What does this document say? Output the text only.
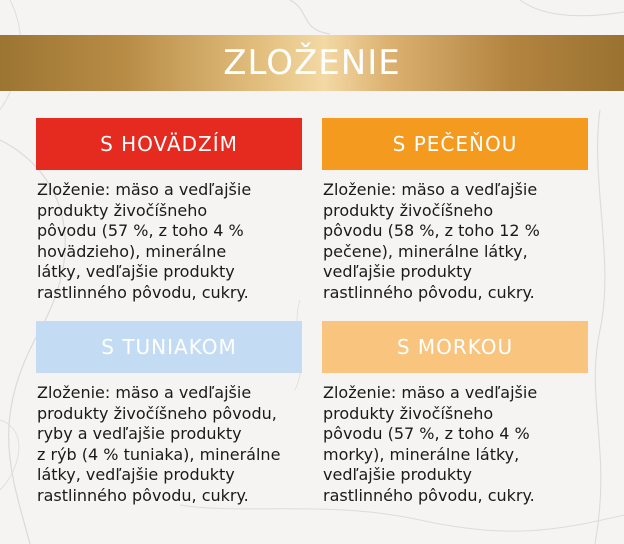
ZLOŽENIE
S HOVÄDZÍM
Zloženie: mäso a vedľajšie
produkty živočíšneho
pôvodu (57 %, z toho 4 %
hovädzieho), minerálne
látky, vedľajšie produkty
rastlinného pôvodu, cukry.
S PEČEŇOU
Zloženie: mäso a vedľajšie
produkty živočíšneho
pôvodu (58 %, z toho 12 %
pečene), minerálne látky,
vedľajšie produkty
rastlinného pôvodu, cukry.
S TUNIAKOM
Zloženie: mäso a vedľajšie
produkty živočíšneho pôvodu,
ryby a vedľajšie produkty
z rýb (4 % tuniaka), minerálne
látky, vedľajšie produkty
rastlinného pôvodu, cukry.
S MORKOU
Zloženie: mäso a vedľajšie
produkty živočíšneho
pôvodu (57 %, z toho 4 %
morky), minerálne látky,
vedľajšie produkty
rastlinného pôvodu, cukry.
